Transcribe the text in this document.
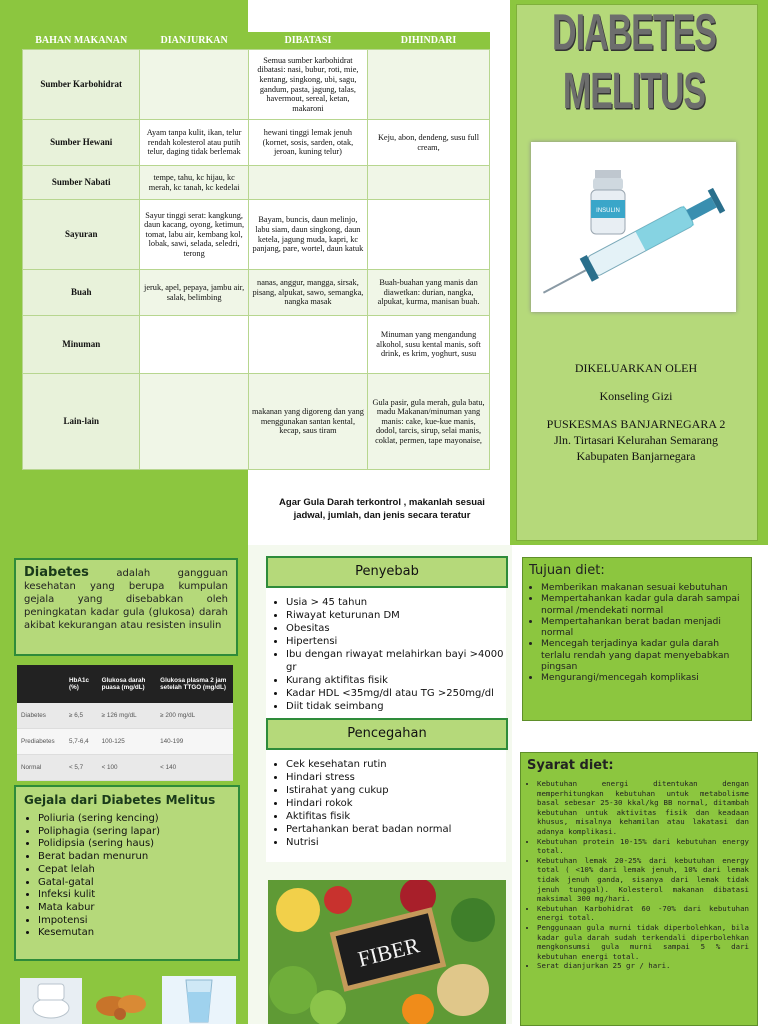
BAHAN MAKANAN	DIANJURKAN	DIBATASI	DIHINDARI
Sumber Karbohidrat		Semua sumber karbohidrat dibatasi: nasi, bubur, roti, mie, kentang, singkong, ubi, sagu, gandum, pasta, jagung, talas, havermout, sereal, ketan, makaroni	
Sumber Hewani	Ayam tanpa kulit, ikan, telur rendah kolesterol atau putih telur, daging tidak berlemak	hewani tinggi lemak jenuh (kornet, sosis, sarden, otak, jeroan, kuning telur)	Keju, abon, dendeng, susu full cream,
Sumber Nabati	tempe, tahu, kc hijau, kc merah, kc tanah, kc kedelai		
Sayuran	Sayur tinggi serat: kangkung, daun kacang, oyong, ketimun, tomat, labu air, kembang kol, lobak, sawi, selada, seledri, terong	Bayam, buncis, daun melinjo, labu siam, daun singkong, daun ketela, jagung muda, kapri, kc panjang, pare, wortel, daun katuk	
Buah	jeruk, apel, pepaya, jambu air, salak, belimbing	nanas, anggur, mangga, sirsak, pisang, alpukat, sawo, semangka, nangka masak	Buah-buahan yang manis dan diawetkan: durian, nangka, alpukat, kurma, manisan buah.
Minuman			Minuman yang mengandung alkohol, susu kental manis, soft drink, es krim, yoghurt, susu
Lain-lain		makanan yang digoreng dan yang menggunakan santan kental, kecap, saus tiram	Gula pasir, gula merah, gula batu, madu Makanan/minuman yang manis: cake, kue-kue manis, dodol, tarcis, sirup, selai manis, coklat, permen, tape mayonaise,
Agar Gula Darah terkontrol , makanlah sesuai jadwal, jumlah, dan jenis secara teratur
DIABETES MELITUS
INSULIN

DIKELUARKAN OLEH

Konseling Gizi

PUSKESMAS BANJARNEGARA 2

Jln. Tirtasari Kelurahan Semarang

Kabupaten Banjarnegara

Diabetes	adalah gangguan kesehatan yang berupa kumpulan gejala yang disebabkan oleh peningkatan kadar gula (glukosa) darah akibat kekurangan atau resisten insulin

	HbA1c (%)	Glukosa darah puasa (mg/dL)	Glukosa plasma 2 jam setelah TTGO (mg/dL)
Diabetes	≥ 6,5	≥ 126 mg/dL	≥ 200 mg/dL
Prediabetes	5,7-6,4	100-125	140-199
Normal	< 5,7	< 100	< 140
Gejala dari Diabetes Melitus
• Poliuria (sering kencing)
• Poliphagia (sering lapar)
• Polidipsia (sering haus)
• Berat badan menurun
• Cepat lelah
• Gatal-gatal
• Infeksi kulit
• Mata kabur
• Impotensi
• Kesemutan
Penyebab
• Usia > 45 tahun
• Riwayat keturunan DM
• Obesitas
• Hipertensi
• Ibu dengan riwayat melahirkan bayi >4000 gr
• Kurang aktifitas fisik
• Kadar HDL <35mg/dl atau TG >250mg/dl
• Diit tidak seimbang
Pencegahan
• Cek kesehatan rutin
• Hindari stress
• Istirahat yang cukup
• Hindari rokok
• Aktifitas fisik
• Pertahankan berat badan normal
• Nutrisi
FIBER
Tujuan diet:
• Memberikan makanan sesuai kebutuhan
• Mempertahankan kadar gula darah sampai normal /mendekati normal
• Mempertahankan berat badan menjadi normal
• Mencegah terjadinya kadar gula darah terlalu rendah yang dapat menyebabkan pingsan
• Mengurangi/mencegah komplikasi
Syarat diet:
• Kebutuhan energi ditentukan dengan memperhitungkan kebutuhan untuk metabolisme basal sebesar 25-30 kkal/kg BB normal, ditambah kebutuhan untuk aktivitas fisik dan keadaan khusus, misalnya kehamilan atau lakatasi dan adanya komplikasi.
• Kebutuhan protein 10-15% dari kebutuhan energy total.
• Kebutuhan lemak 20-25% dari kebutuhan energy total ( <10% dari lemak jenuh, 10% dari lemak tidak jenuh ganda, sisanya dari lemak tidak jenuh tunggal). Kolesterol makanan dibatasi maksimal 300 mg/hari.
• Kebutuhan Karbohidrat 60 -70% dari kebutuhan energi total.
• Penggunaan gula murni tidak diperbolehkan, bila kadar gula darah sudah terkendali diperbolehkan mengkonsumsi gula murni sampai 5 % dari kebutuhan energi total.
• Serat dianjurkan 25 gr / hari.
